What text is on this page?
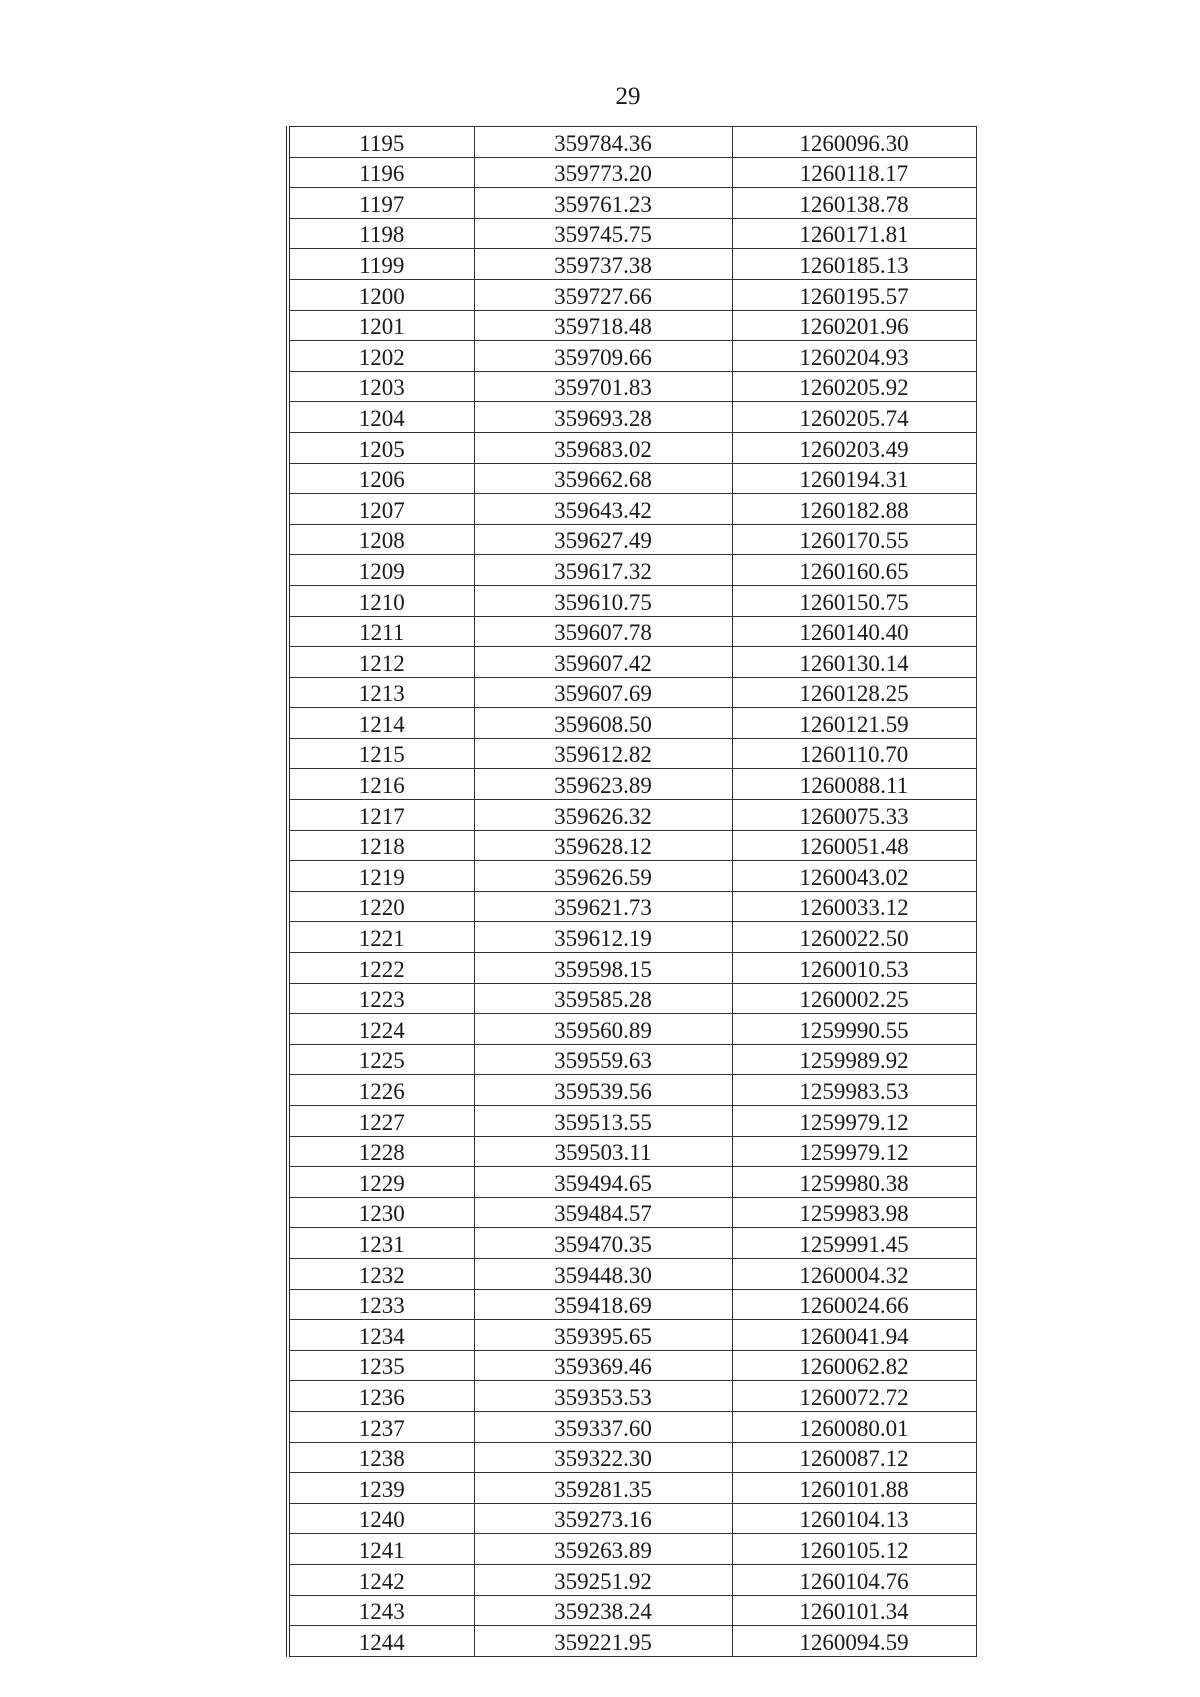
29
1195	359784.36	1260096.30
1196	359773.20	1260118.17
1197	359761.23	1260138.78
1198	359745.75	1260171.81
1199	359737.38	1260185.13
1200	359727.66	1260195.57
1201	359718.48	1260201.96
1202	359709.66	1260204.93
1203	359701.83	1260205.92
1204	359693.28	1260205.74
1205	359683.02	1260203.49
1206	359662.68	1260194.31
1207	359643.42	1260182.88
1208	359627.49	1260170.55
1209	359617.32	1260160.65
1210	359610.75	1260150.75
1211	359607.78	1260140.40
1212	359607.42	1260130.14
1213	359607.69	1260128.25
1214	359608.50	1260121.59
1215	359612.82	1260110.70
1216	359623.89	1260088.11
1217	359626.32	1260075.33
1218	359628.12	1260051.48
1219	359626.59	1260043.02
1220	359621.73	1260033.12
1221	359612.19	1260022.50
1222	359598.15	1260010.53
1223	359585.28	1260002.25
1224	359560.89	1259990.55
1225	359559.63	1259989.92
1226	359539.56	1259983.53
1227	359513.55	1259979.12
1228	359503.11	1259979.12
1229	359494.65	1259980.38
1230	359484.57	1259983.98
1231	359470.35	1259991.45
1232	359448.30	1260004.32
1233	359418.69	1260024.66
1234	359395.65	1260041.94
1235	359369.46	1260062.82
1236	359353.53	1260072.72
1237	359337.60	1260080.01
1238	359322.30	1260087.12
1239	359281.35	1260101.88
1240	359273.16	1260104.13
1241	359263.89	1260105.12
1242	359251.92	1260104.76
1243	359238.24	1260101.34
1244	359221.95	1260094.59
